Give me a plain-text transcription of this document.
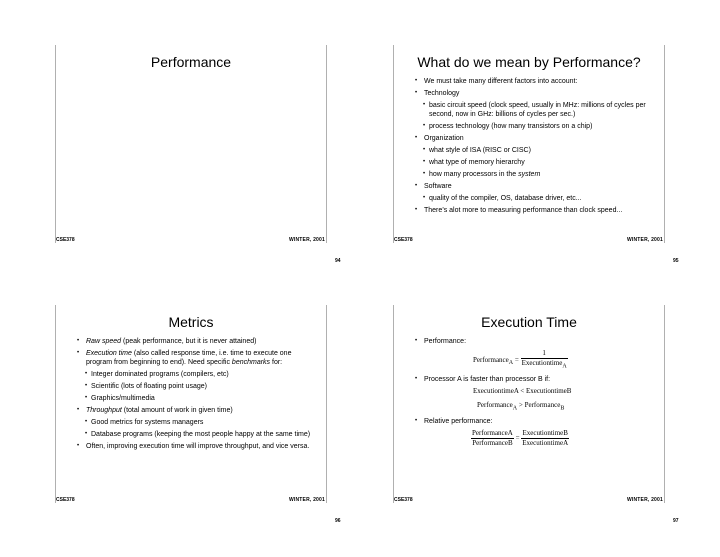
Performance
CSE378	WINTER, 2001
94
What do we mean by Performance?
• We must take many different factors into account:
• Technology
• basic circuit speed (clock speed, usually in MHz: millions of cycles per second, now in GHz: billions of cycles per sec.)
• process technology (how many transistors on a chip)
• Organization
• what style of ISA (RISC or CISC)
• what type of memory hierarchy
• how many processors in the system
• Software
• quality of the compiler, OS, database driver, etc...
• There’s alot more to measuring performance than clock speed...
CSE378	WINTER, 2001
95
Metrics
• Raw speed (peak performance, but it is never attained)
• Execution time (also called response time, i.e. time to execute one program from beginning to end). Need specific benchmarks for:
• Integer dominated programs (compilers, etc)
• Scientific (lots of floating point usage)
• Graphics/multimedia
• Throughput (total amount of work in given time)
• Good metrics for systems managers
• Database programs (keeping the most people happy at the same time)
• Often, improving execution time will improve throughput, and vice versa.
CSE378	WINTER, 2001
96
Execution Time
• Performance:
Performance$_A$ = $\frac{1}{Executiontime_A}$
• Processor A is faster than processor B if:
ExecutiontimeA < ExecutiontimeB
Performance$_A$ > Performance$_B$
• Relative performance:
$\frac{\text{PerformanceA}}{\text{PerformanceB}} = \frac{\text{ExecutiontimeB}}{\text{ExecutiontimeA}}$
CSE378	WINTER, 2001
97
